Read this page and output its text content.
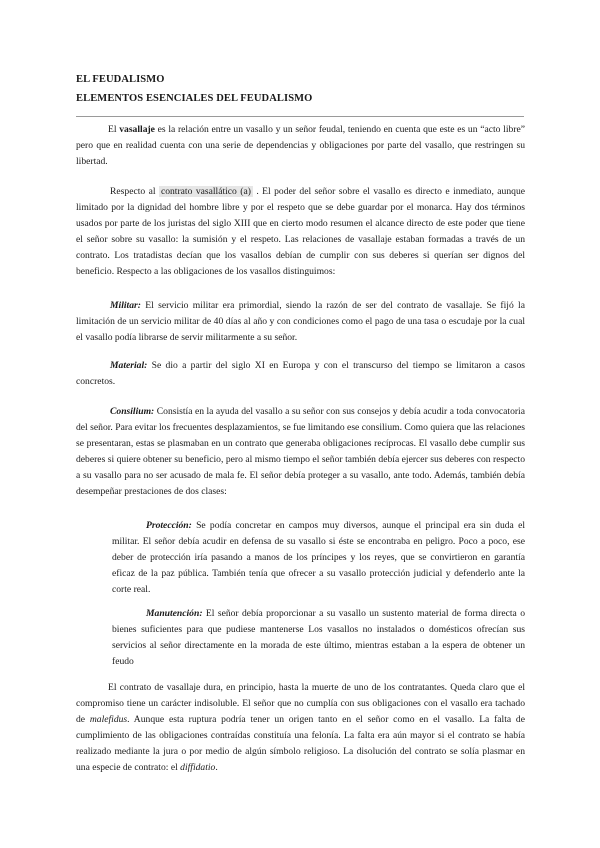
EL FEUDALISMO
ELEMENTOS ESENCIALES DEL FEUDALISMO

El vasallaje es la relación entre un vasallo y un señor feudal, teniendo en cuenta que este es un “acto libre” pero que en realidad cuenta con una serie de dependencias y obligaciones por parte del vasallo, que restringen su libertad.

Respecto al contrato vasallático (a) . El poder del señor sobre el vasallo es directo e inmediato, aunque limitado por la dignidad del hombre libre y por el respeto que se debe guardar por el monarca. Hay dos términos usados por parte de los juristas del siglo XIII que en cierto modo resumen el alcance directo de este poder que tiene el señor sobre su vasallo: la sumisión y el respeto. Las relaciones de vasallaje estaban formadas a través de un contrato. Los tratadistas decían que los vasallos debían de cumplir con sus deberes si querían ser dignos del beneficio. Respecto a las obligaciones de los vasallos distinguimos:

Militar: El servicio militar era primordial, siendo la razón de ser del contrato de vasallaje. Se fijó la limitación de un servicio militar de 40 días al año y con condiciones como el pago de una tasa o escudaje por la cual el vasallo podía librarse de servir militarmente a su señor.

Material: Se dio a partir del siglo XI en Europa y con el transcurso del tiempo se limitaron a casos concretos.

Consilium: Consistía en la ayuda del vasallo a su señor con sus consejos y debía acudir a toda convocatoria del señor. Para evitar los frecuentes desplazamientos, se fue limitando ese consilium. Como quiera que las relaciones se presentaran, estas se plasmaban en un contrato que generaba obligaciones recíprocas. El vasallo debe cumplir sus deberes si quiere obtener su beneficio, pero al mismo tiempo el señor también debía ejercer sus deberes con respecto a su vasallo para no ser acusado de mala fe. El señor debía proteger a su vasallo, ante todo. Además, también debía desempeñar prestaciones de dos clases:

Protección: Se podía concretar en campos muy diversos, aunque el principal era sin duda el militar. El señor debía acudir en defensa de su vasallo si éste se encontraba en peligro. Poco a poco, ese deber de protección iría pasando a manos de los príncipes y los reyes, que se convirtieron en garantía eficaz de la paz pública. También tenía que ofrecer a su vasallo protección judicial y defenderlo ante la corte real.

Manutención: El señor debía proporcionar a su vasallo un sustento material de forma directa o bienes suficientes para que pudiese mantenerse Los vasallos no instalados o domésticos ofrecían sus servicios al señor directamente en la morada de este último, mientras estaban a la espera de obtener un feudo

El contrato de vasallaje dura, en principio, hasta la muerte de uno de los contratantes. Queda claro que el compromiso tiene un carácter indisoluble. El señor que no cumplía con sus obligaciones con el vasallo era tachado de malefidus. Aunque esta ruptura podría tener un origen tanto en el señor como en el vasallo. La falta de cumplimiento de las obligaciones contraídas constituía una felonía. La falta era aún mayor si el contrato se había realizado mediante la jura o por medio de algún símbolo religioso. La disolución del contrato se solía plasmar en una especie de contrato: el diffidatio.
